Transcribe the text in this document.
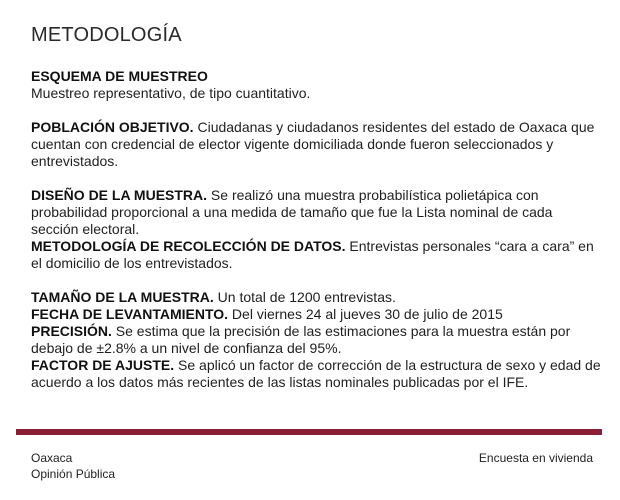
METODOLOGÍA

ESQUEMA DE MUESTREO
Muestreo representativo, de tipo cuantitativo.

POBLACIÓN OBJETIVO. Ciudadanas y ciudadanos residentes del estado de Oaxaca que cuentan con credencial de elector vigente domiciliada donde fueron seleccionados y entrevistados.

DISEÑO DE LA MUESTRA. Se realizó una muestra probabilística polietápica con probabilidad proporcional a una medida de tamaño que fue la Lista nominal de cada sección electoral.

METODOLOGÍA DE RECOLECCIÓN DE DATOS. Entrevistas personales “cara a cara” en el domicilio de los entrevistados.

TAMAÑO DE LA MUESTRA. Un total de 1200 entrevistas.

FECHA DE LEVANTAMIENTO. Del viernes 24 al jueves 30 de julio de 2015

PRECISIÓN. Se estima que la precisión de las estimaciones para la muestra están por debajo de ±2.8% a un nivel de confianza del 95%.

FACTOR DE AJUSTE. Se aplicó un factor de corrección de la estructura de sexo y edad de acuerdo a los datos más recientes de las listas nominales publicadas por el IFE.

Oaxaca
Opinión Pública
Encuesta en vivienda
